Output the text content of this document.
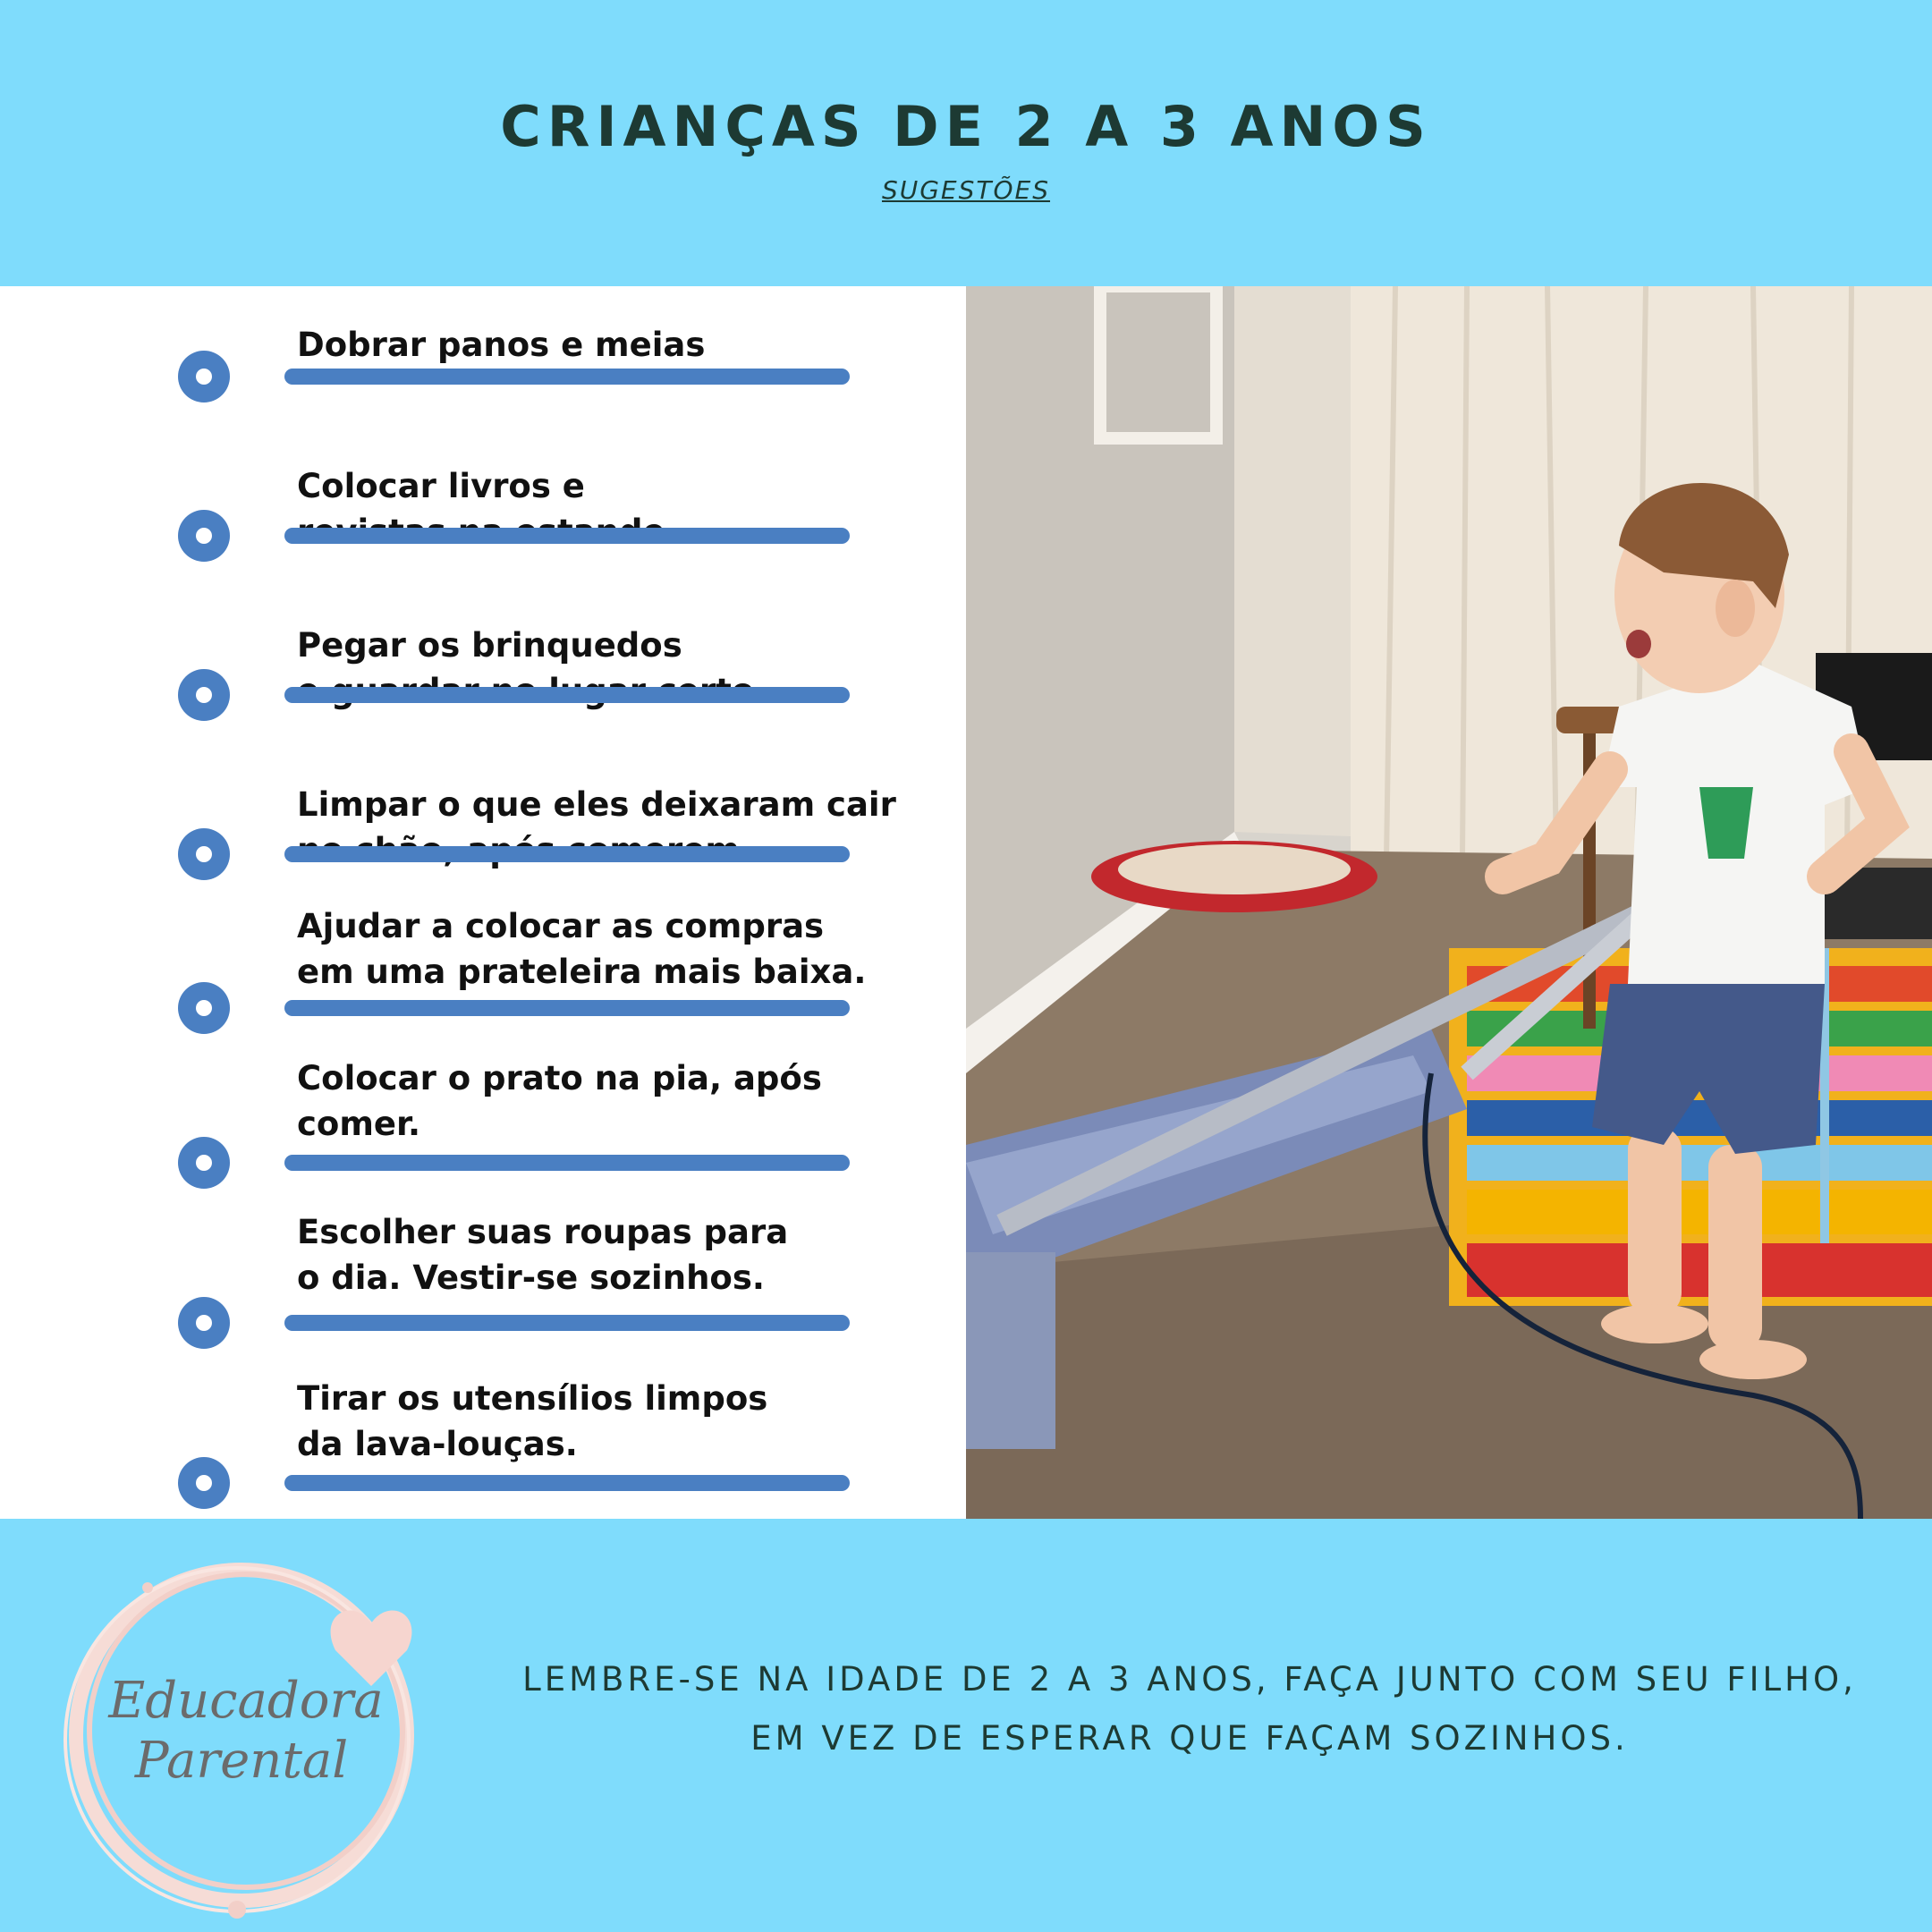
CRIANÇAS DE 2 A 3 ANOS
SUGESTÕES
Dobrar panos e meias
Colocar livros e

Pegar os brinquedos

Limpar o que eles deixaram cair

Ajudar a colocar as compras
em uma prateleira mais baixa.
Colocar o prato na pia, após
comer.
Escolher suas roupas para
o dia. Vestir-se sozinhos.
Tirar os utensílios limpos
da lava-louças.
Educadora
Parental
LEMBRE-SE NA IDADE DE 2 A 3 ANOS, FAÇA JUNTO COM SEU FILHO,
EM VEZ DE ESPERAR QUE FAÇAM SOZINHOS.
